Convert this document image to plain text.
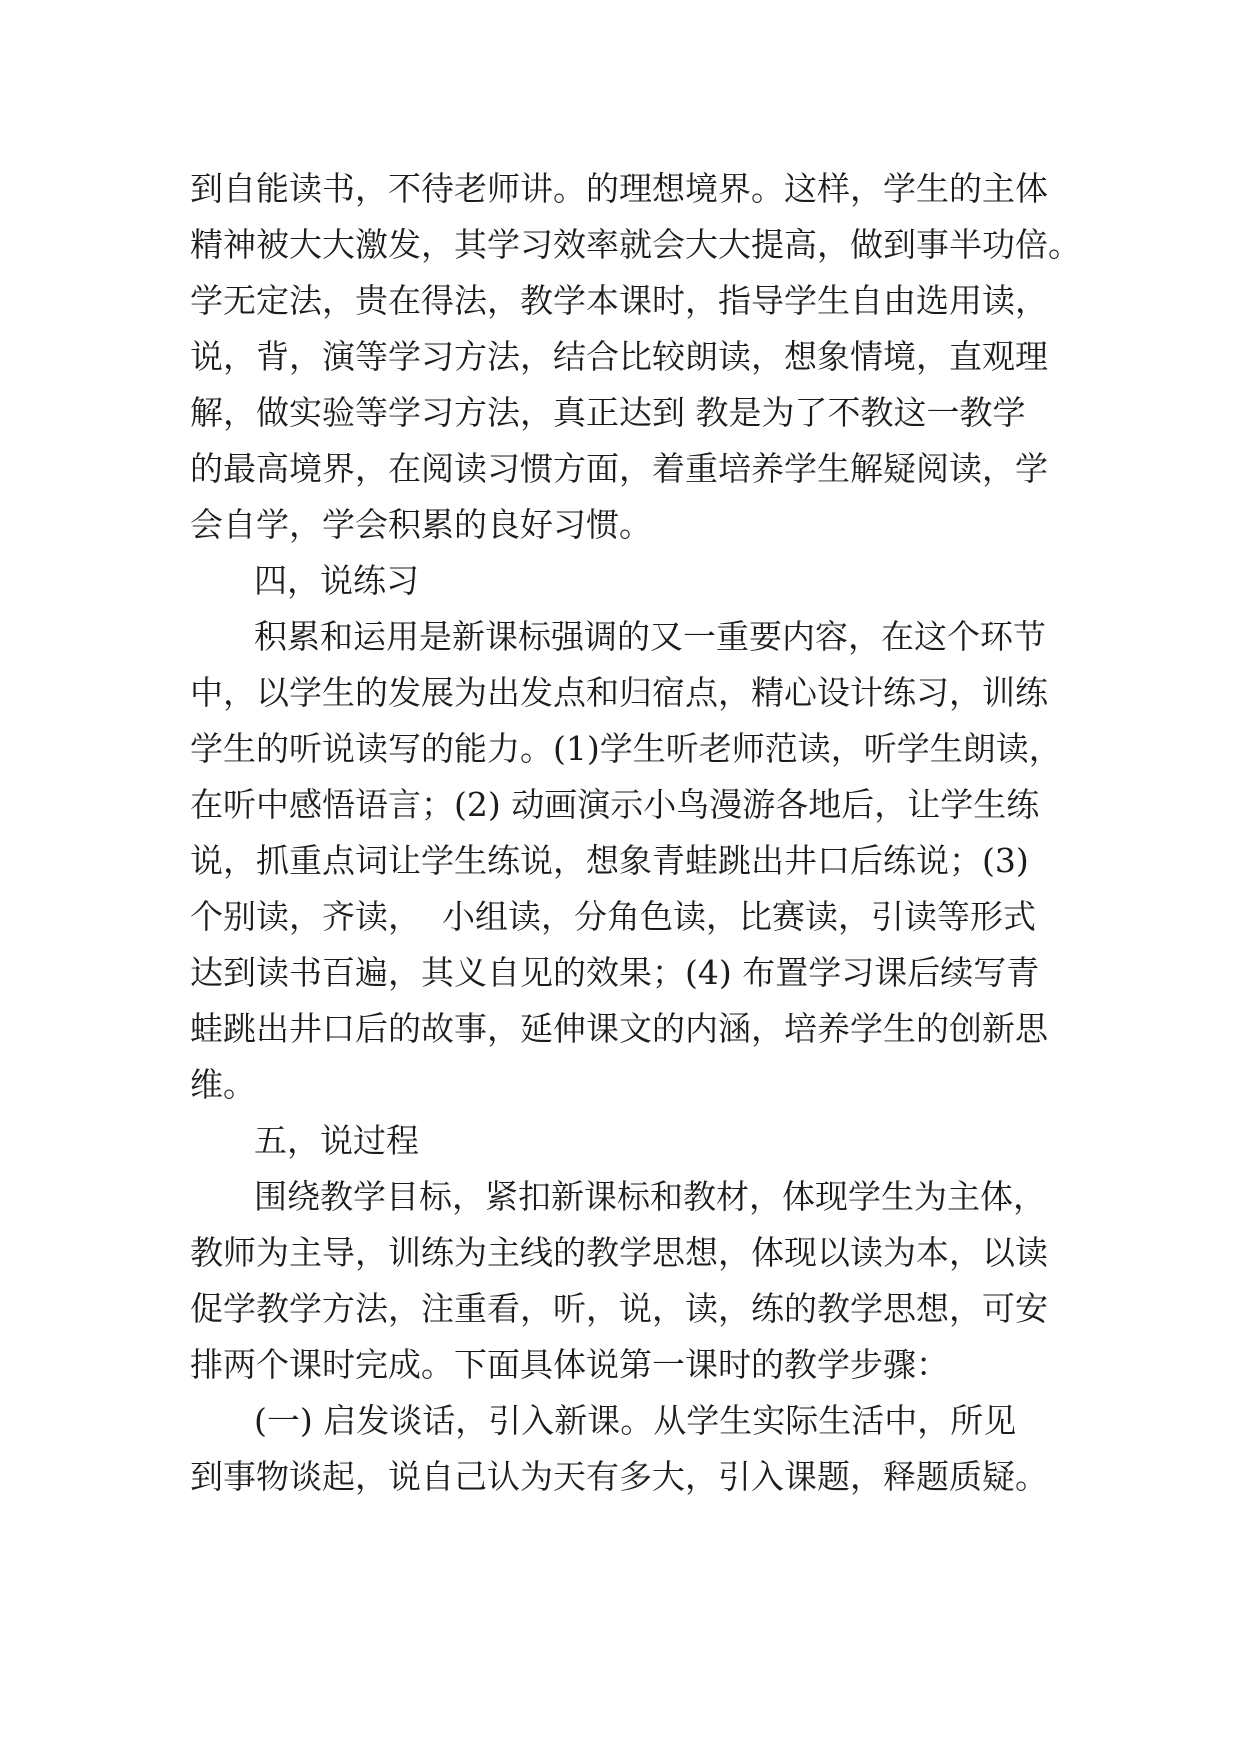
到自能读书，不待老师讲。的理想境界。这样，学生的主体
精神被大大激发，其学习效率就会大大提高，做到事半功倍。
学无定法，贵在得法，教学本课时，指导学生自由选用读，
说，背，演等学习方法，结合比较朗读，想象情境，直观理
解，做实验等学习方法，真正达到 教是为了不教这一教学
的最高境界，在阅读习惯方面，着重培养学生解疑阅读，学
会自学，学会积累的良好习惯。
四，说练习
积累和运用是新课标强调的又一重要内容，在这个环节
中，以学生的发展为出发点和归宿点，精心设计练习，训练
学生的听说读写的能力。(1)学生听老师范读，听学生朗读，
在听中感悟语言；(2) 动画演示小鸟漫游各地后，让学生练
说，抓重点词让学生练说，想象青蛙跳出井口后练说；(3)
个别读，齐读，  小组读，分角色读，比赛读，引读等形式
达到读书百遍，其义自见的效果；(4) 布置学习课后续写青
蛙跳出井口后的故事，延伸课文的内涵，培养学生的创新思
维。
五，说过程
围绕教学目标，紧扣新课标和教材，体现学生为主体，
教师为主导，训练为主线的教学思想，体现以读为本，以读
促学教学方法，注重看，听，说，读，练的教学思想，可安
排两个课时完成。下面具体说第一课时的教学步骤：
(一) 启发谈话，引入新课。从学生实际生活中，所见
到事物谈起，说自己认为天有多大，引入课题，释题质疑。
